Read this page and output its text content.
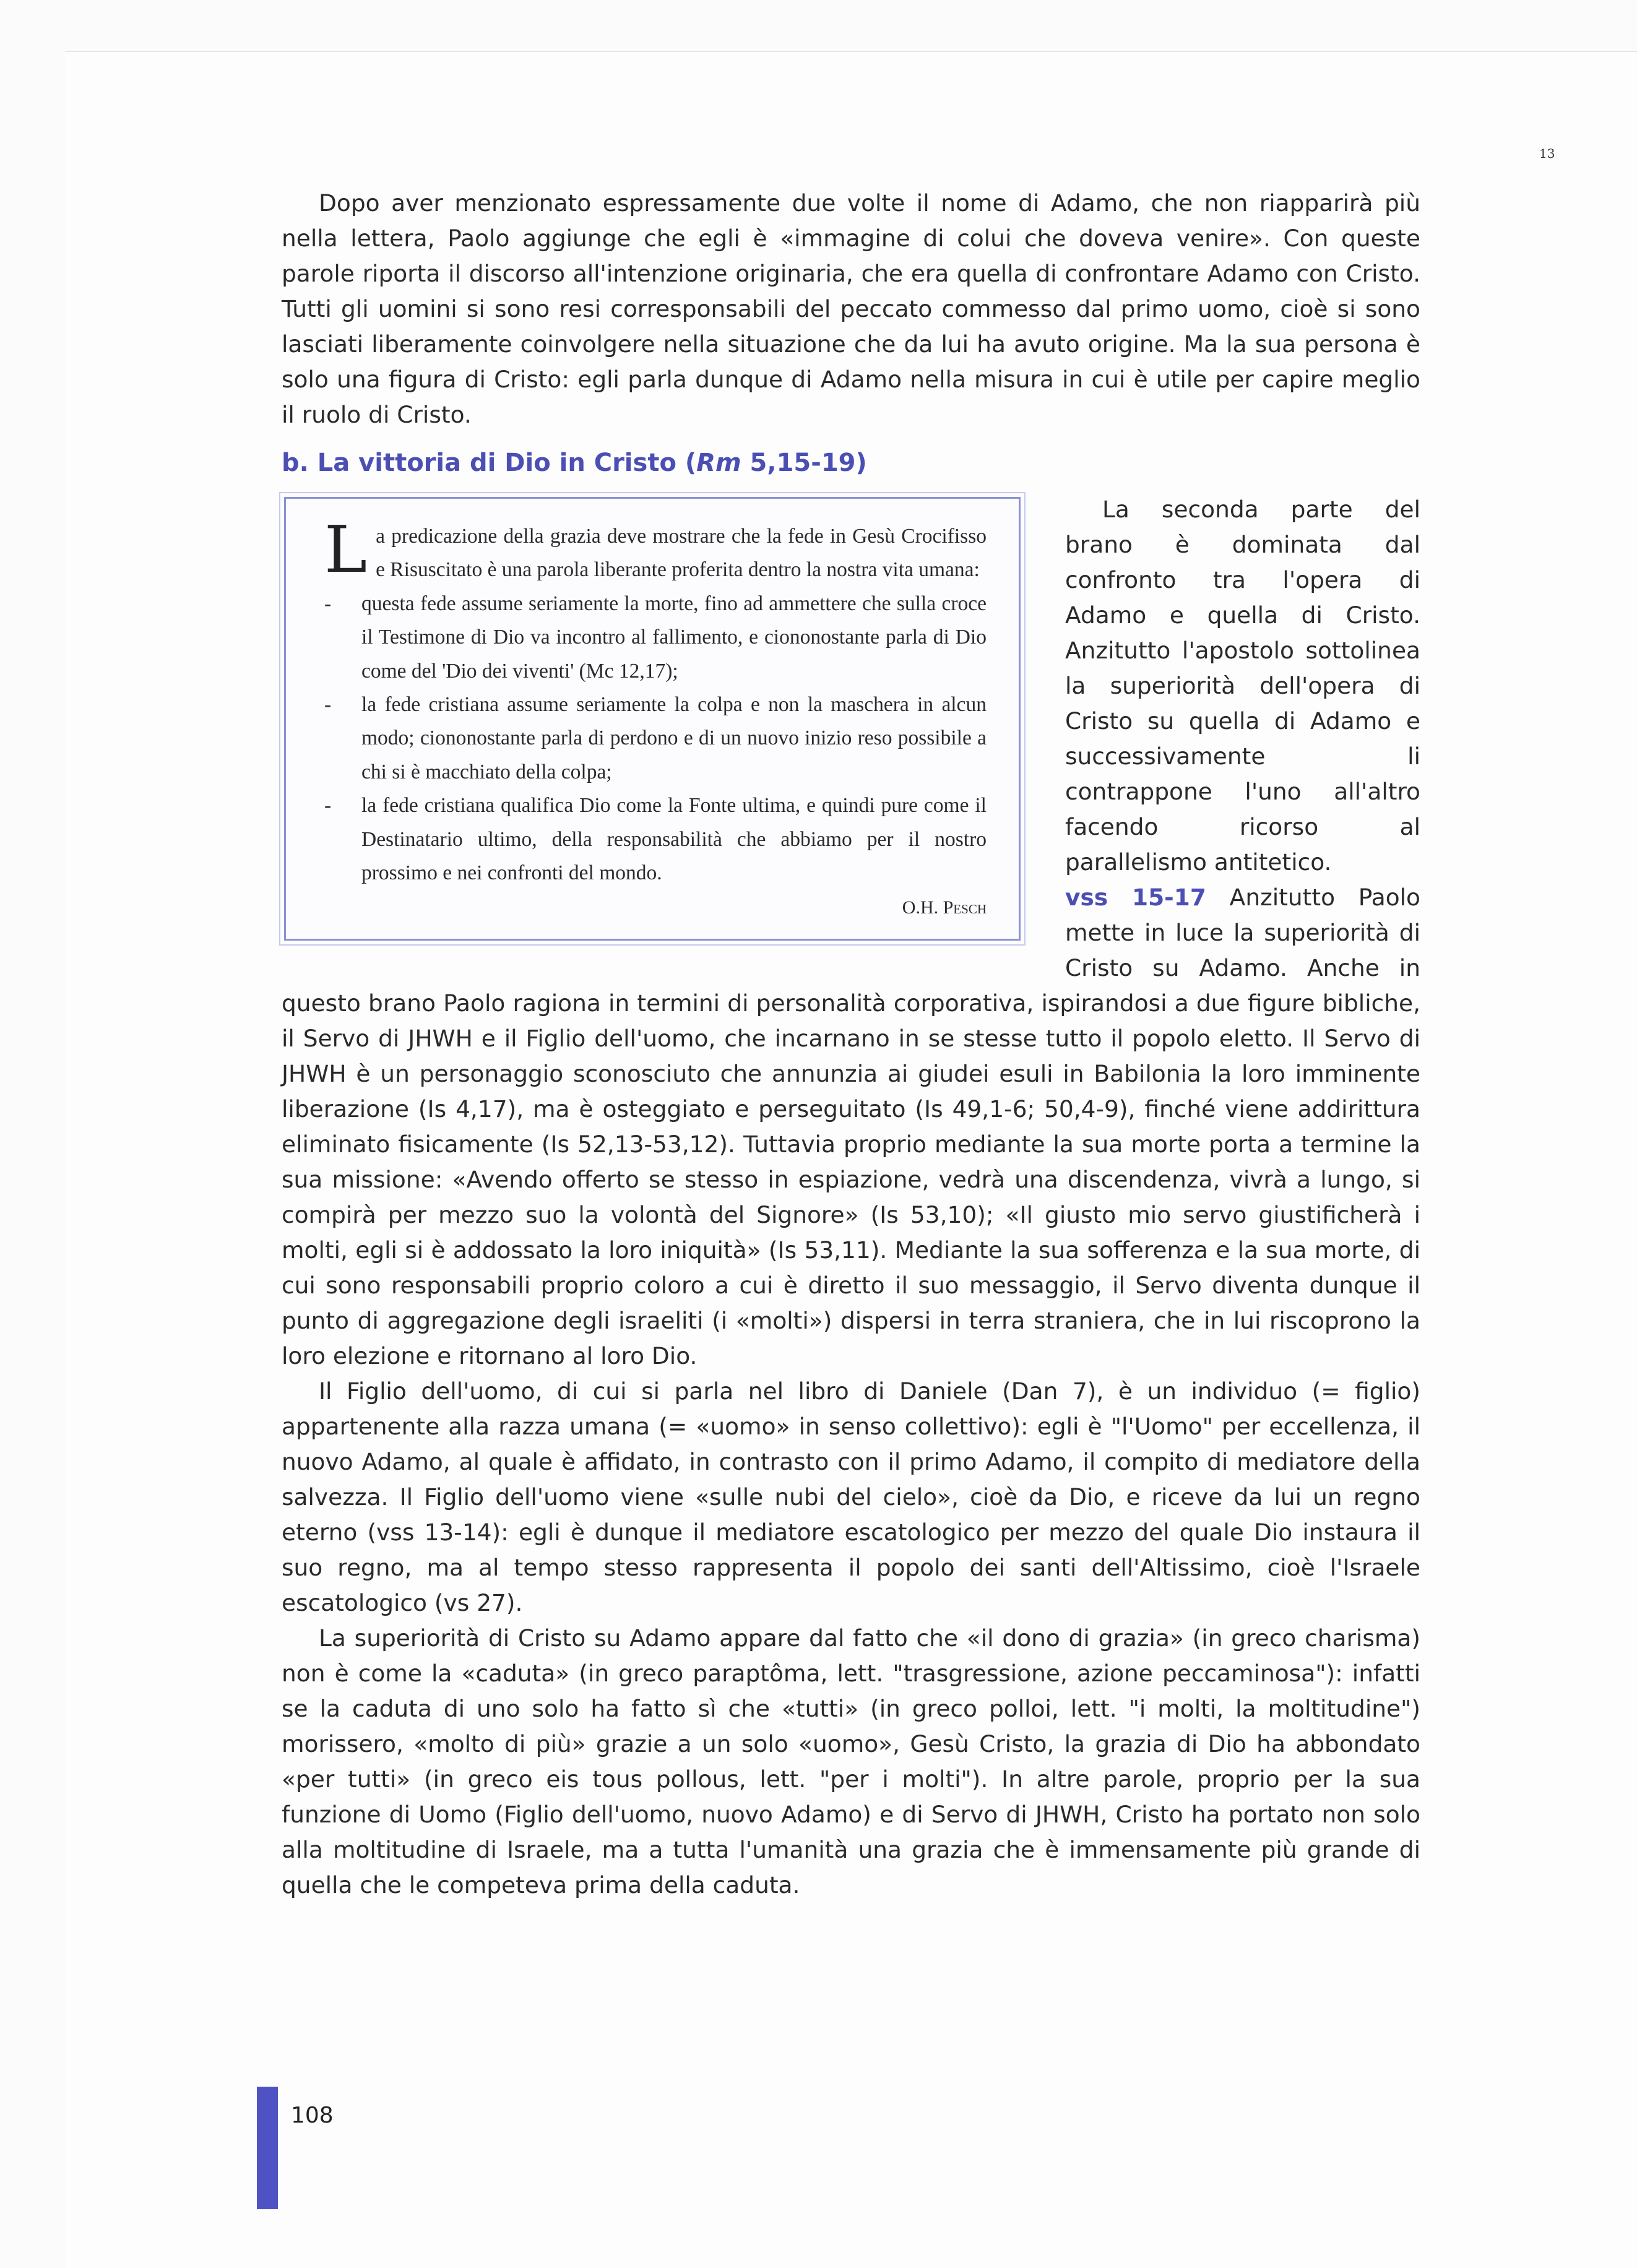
13

Dopo aver menzionato espressamente due volte il nome di Adamo, che non riapparirà più nella lettera, Paolo aggiunge che egli è «immagine di colui che doveva venire». Con queste parole riporta il discorso all'intenzione originaria, che era quella di confrontare Adamo con Cristo. Tutti gli uomini si sono resi corresponsabili del peccato commesso dal primo uomo, cioè si sono lasciati liberamente coinvolgere nella situazione che da lui ha avuto origine. Ma la sua persona è solo una figura di Cristo: egli parla dunque di Adamo nella misura in cui è utile per capire meglio il ruolo di Cristo.

b. La vittoria di Dio in Cristo (Rm 5,15-19)
L a predicazione della grazia deve mostrare che la fede in Gesù Crocifisso e Risuscitato è una parola liberante proferita dentro la nostra vita umana:

- questa fede assume seriamente la morte, fino ad ammettere che sulla croce il Testimone di Dio va incontro al fallimento, e ciononostante parla di Dio come del 'Dio dei viventi' (Mc 12,17);
- la fede cristiana assume seriamente la colpa e non la maschera in alcun modo; ciononostante parla di perdono e di un nuovo inizio reso possibile a chi si è macchiato della colpa;
- la fede cristiana qualifica Dio come la Fonte ultima, e quindi pure come il Destinatario ultimo, della responsabilità che abbiamo per il nostro prossimo e nei confronti del mondo.
O.H. Pesch

La seconda parte del brano è dominata dal confronto tra l'opera di Adamo e quella di Cristo. Anzitutto l'apostolo sottolinea la superiorità dell'opera di Cristo su quella di Adamo e successivamente li contrappone l'uno all'altro facendo ricorso al parallelismo antitetico.

vss 15-17 Anzitutto Paolo mette in luce la superiorità di Cristo su Adamo. Anche in questo brano Paolo ragiona in termini di personalità corporativa, ispirandosi a due figure bibliche, il Servo di JHWH e il Figlio dell'uomo, che incarnano in se stesse tutto il popolo eletto. Il Servo di JHWH è un personaggio sconosciuto che annunzia ai giudei esuli in Babilonia la loro imminente liberazione (Is 4,17), ma è osteggiato e perseguitato (Is 49,1-6; 50,4-9), finché viene addirittura eliminato fisicamente (Is 52,13-53,12). Tuttavia proprio mediante la sua morte porta a termine la sua missione: «Avendo offerto se stesso in espiazione, vedrà una discendenza, vivrà a lungo, si compirà per mezzo suo la volontà del Signore» (Is 53,10); «Il giusto mio servo giustificherà i molti, egli si è addossato la loro iniquità» (Is 53,11). Mediante la sua sofferenza e la sua morte, di cui sono responsabili proprio coloro a cui è diretto il suo messaggio, il Servo diventa dunque il punto di aggregazione degli israeliti (i «molti») dispersi in terra straniera, che in lui riscoprono la loro elezione e ritornano al loro Dio.

Il Figlio dell'uomo, di cui si parla nel libro di Daniele (Dan 7), è un individuo (= figlio) appartenente alla razza umana (= «uomo» in senso collettivo): egli è "l'Uomo" per eccellenza, il nuovo Adamo, al quale è affidato, in contrasto con il primo Adamo, il compito di mediatore della salvezza. Il Figlio dell'uomo viene «sulle nubi del cielo», cioè da Dio, e riceve da lui un regno eterno (vss 13-14): egli è dunque il mediatore escatologico per mezzo del quale Dio instaura il suo regno, ma al tempo stesso rappresenta il popolo dei santi dell'Altissimo, cioè l'Israele escatologico (vs 27).

La superiorità di Cristo su Adamo appare dal fatto che «il dono di grazia» (in greco charisma) non è come la «caduta» (in greco paraptôma, lett. "trasgressione, azione peccaminosa"): infatti se la caduta di uno solo ha fatto sì che «tutti» (in greco polloi, lett. "i molti, la moltitudine") morissero, «molto di più» grazie a un solo «uomo», Gesù Cristo, la grazia di Dio ha abbondato «per tutti» (in greco eis tous pollous, lett. "per i molti"). In altre parole, proprio per la sua funzione di Uomo (Figlio dell'uomo, nuovo Adamo) e di Servo di JHWH, Cristo ha portato non solo alla moltitudine di Israele, ma a tutta l'umanità una grazia che è immensamente più grande di quella che le competeva prima della caduta.

108
